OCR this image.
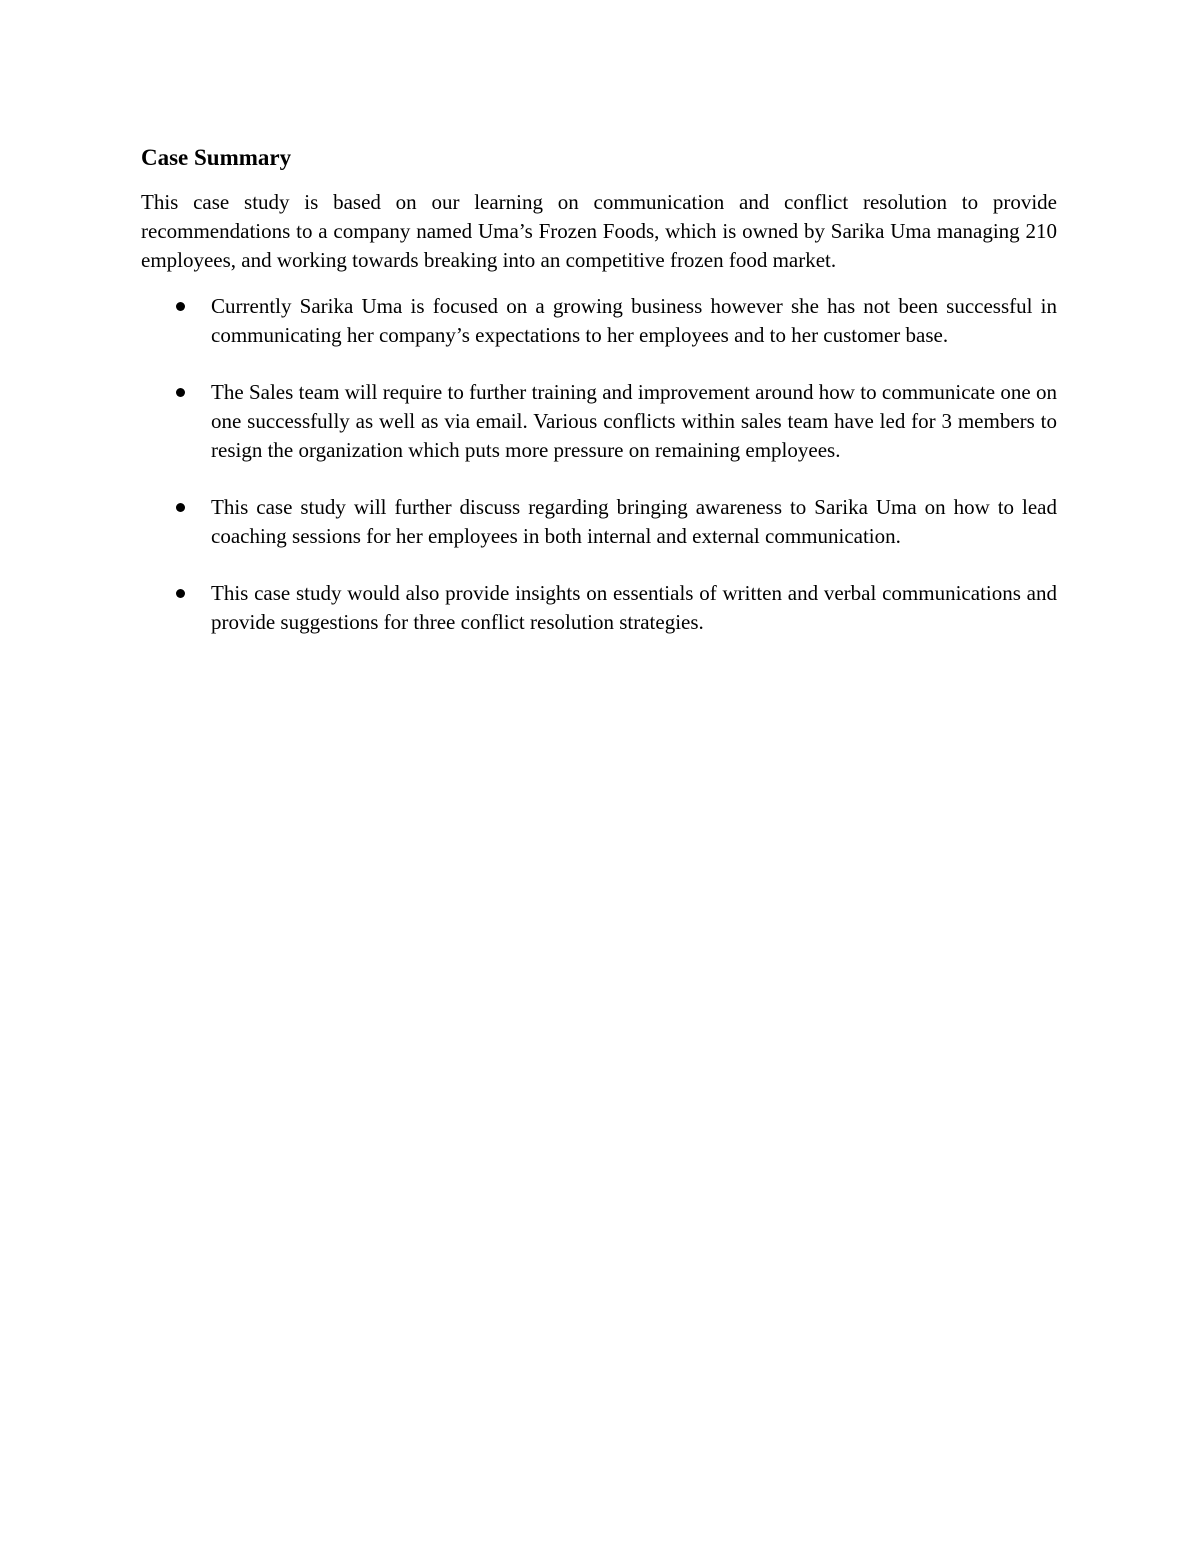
Case Summary

This case study is based on our learning on communication and conflict resolution to provide recommendations to a company named Uma’s Frozen Foods, which is owned by Sarika Uma managing 210 employees, and working towards breaking into an competitive frozen food market.

Currently Sarika Uma is focused on a growing business however she has not been successful in communicating her company’s expectations to her employees and to her customer base.
The Sales team will require to further training and improvement around how to communicate one on one successfully as well as via email. Various conflicts within sales team have led for 3 members to resign the organization which puts more pressure on remaining employees.
This case study will further discuss regarding bringing awareness to Sarika Uma on how to lead coaching sessions for her employees in both internal and external communication.
This case study would also provide insights on essentials of written and verbal communications and provide suggestions for three conflict resolution strategies.
